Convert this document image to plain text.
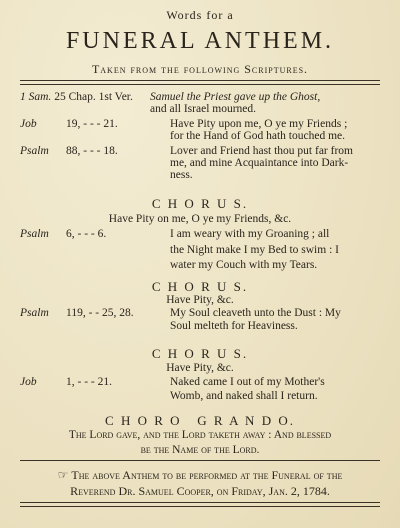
Words for a
FUNERAL ANTHEM.
Taken from the following Scriptures.
1 Sam. 25 Chap. 1st Ver. Samuel the Priest gave up the Ghost,
and all Israel mourned.
Job	19, - - - 21.	Have Pity upon me, O ye my Friends ;
for the Hand of God hath touched me.
Psalm 88, - - - 18.	Lover and Friend hast thou put far from
me, and mine Acquaintance into Dark-
ness.
C H O R U S.
Have Pity on me, O ye my Friends, &c.
Psalm 6, - - - 6.	I am weary with my Groaning ; all
the Night make I my Bed to swim : I
water my Couch with my Tears.
C H O R U S.
Have Pity, &c.
Psalm 119, - - 25, 28.	My Soul cleaveth unto the Dust : My
Soul melteth for Heaviness.
C H O R U S.
Have Pity, &c.
Job	1, - - - 21.	Naked came I out of my Mother's
Womb, and naked shall I return.
C H O R O   G R A N D O.
The Lord gave, and the Lord taketh away : And blessed
be the Name of the Lord.
☞ The above Anthem to be performed at the Funeral of the
Reverend Dr. Samuel Cooper, on Friday, Jan. 2, 1784.
